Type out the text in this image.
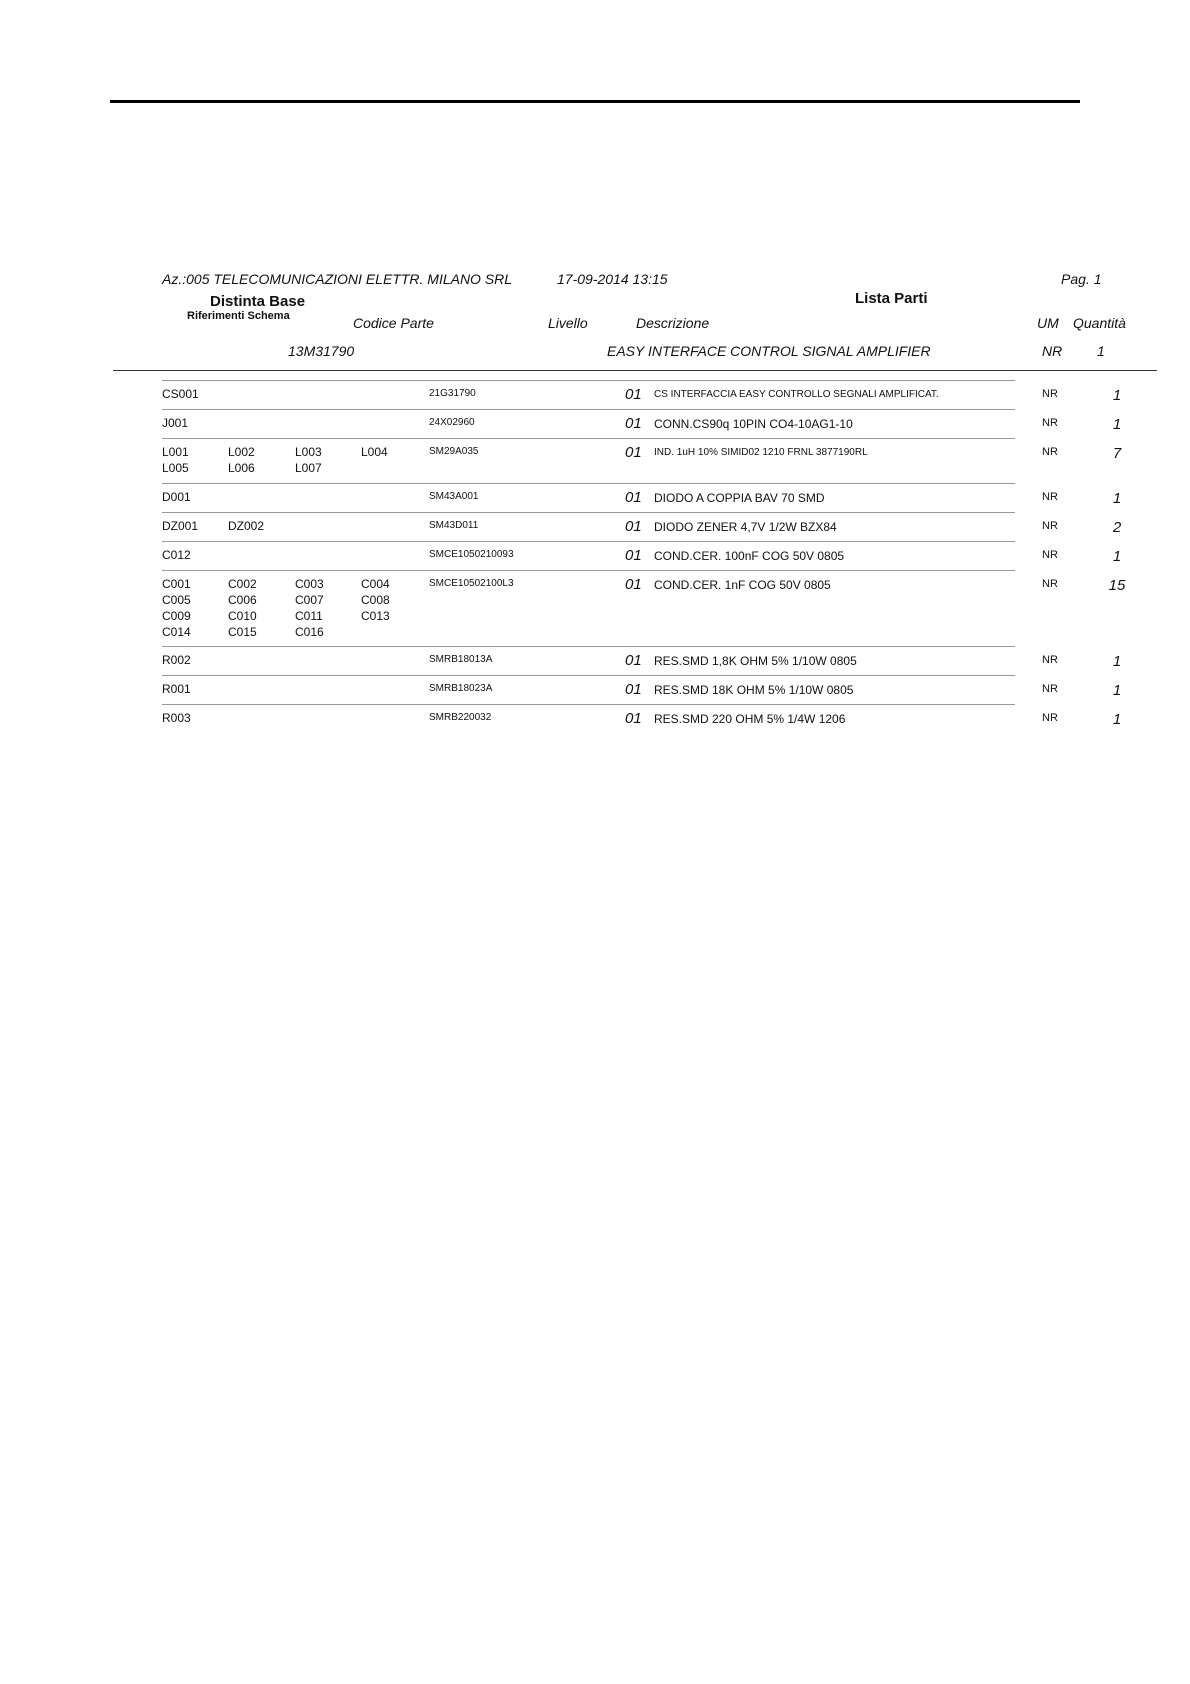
Az.:005 TELECOMUNICAZIONI ELETTR. MILANO SRL	17-09-2014 13:15	Pag. 1
Distinta Base	Lista Parti
Riferimenti Schema	Codice Parte	Livello	Descrizione	UM Quantità
13M31790	EASY INTERFACE CONTROL SIGNAL AMPLIFIER	NR 1
CS001	21G31790	01 CS INTERFACCIA EASY CONTROLLO SEGNALI AMPLIFICAT.	NR	1
J001	24X02960	01 CONN.CS90q 10PIN CO4-10AG1-10	NR	1
L001	L002	L003	L004
L005	L006	L007
SM29A035	01 IND. 1uH 10% SIMID02 1210 FRNL 3877190RL	NR	7
D001	SM43A001	01 DIODO A COPPIA BAV 70 SMD	NR	1
DZ001 DZ002	SM43D011	01 DIODO ZENER 4,7V 1/2W BZX84	NR	2
C012	SMCE1050210093	01 COND.CER. 100nF COG 50V 0805	NR	1
C001	C002	C003	C004
C005	C006	C007	C008
C009	C010	C011	C013
C014	C015	C016
SMCE10502100L3	01 COND.CER. 1nF COG 50V 0805	NR	15
R002	SMRB18013A	01 RES.SMD 1,8K OHM 5% 1/10W 0805	NR	1
R001	SMRB18023A	01 RES.SMD 18K OHM 5% 1/10W 0805	NR	1
R003	SMRB220032	01 RES.SMD 220 OHM 5% 1/4W 1206	NR	1
